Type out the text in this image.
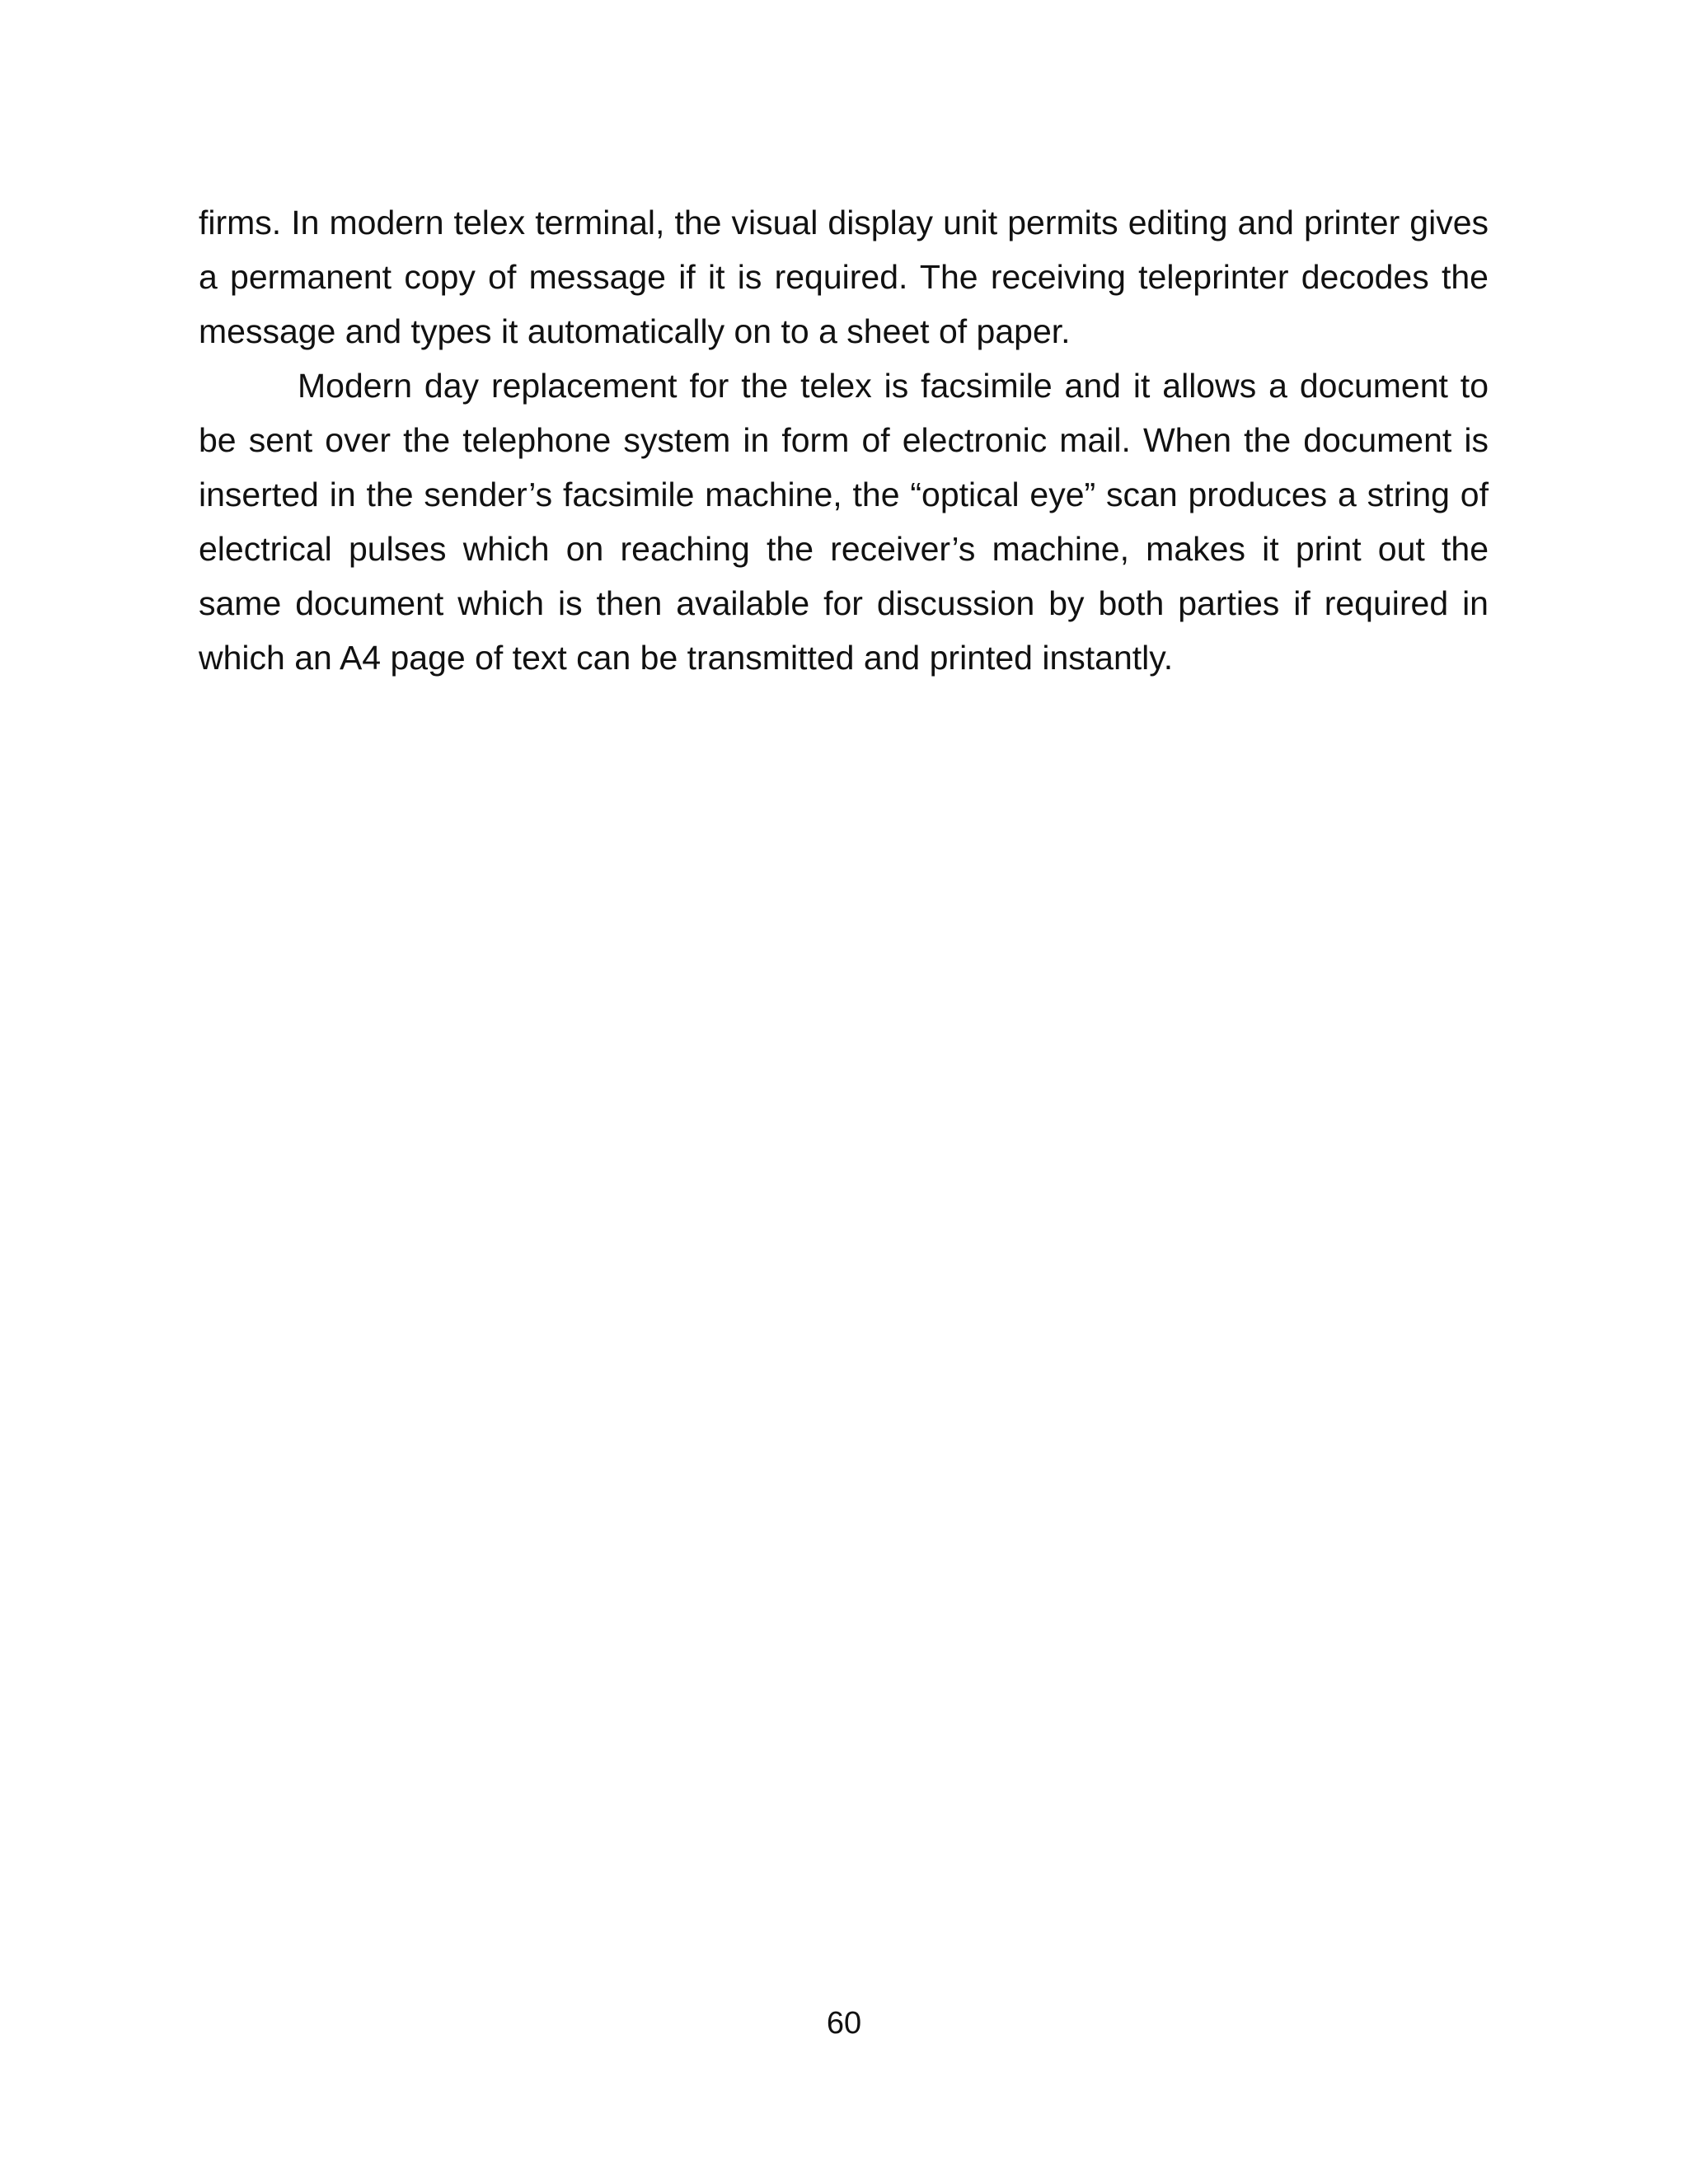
firms. In modern telex terminal, the visual display unit permits editing and printer gives a permanent copy of message if it is required. The receiving teleprinter decodes the message and types it automatically on to a sheet of paper.

Modern day replacement for the telex is facsimile and it allows a document to be sent over the telephone system in form of electronic mail. When the document is inserted in the sender’s facsimile machine, the “optical eye” scan produces a string of electrical pulses which on reaching the receiver’s machine, makes it print out the same document which is then available for discussion by both parties if required in which an A4 page of text can be transmitted and printed instantly.

60
